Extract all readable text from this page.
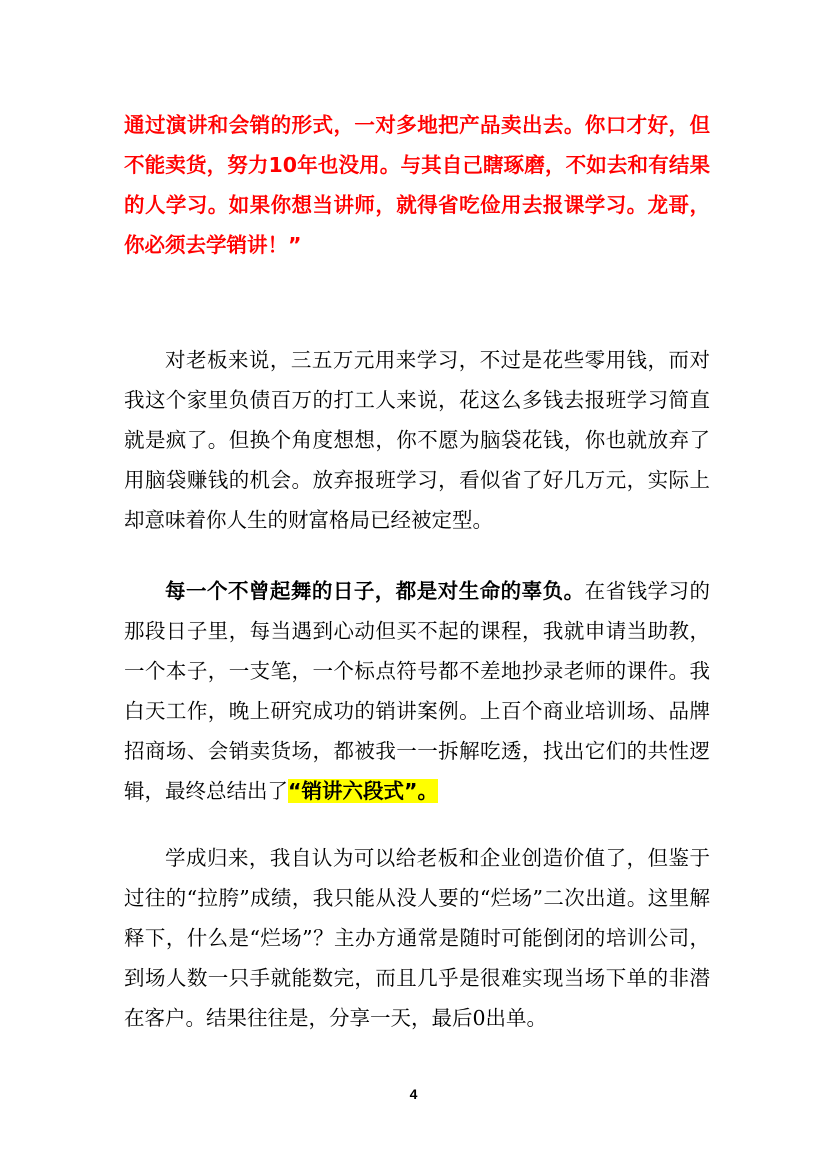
通过演讲和会销的形式，一对多地把产品卖出去。你口才好，但不能卖货，努力10年也没用。与其自己瞎琢磨，不如去和有结果的人学习。如果你想当讲师，就得省吃俭用去报课学习。龙哥，你必须去学销讲！”

对老板来说，三五万元用来学习，不过是花些零用钱，而对我这个家里负债百万的打工人来说，花这么多钱去报班学习简直就是疯了。但换个角度想想，你不愿为脑袋花钱，你也就放弃了用脑袋赚钱的机会。放弃报班学习，看似省了好几万元，实际上却意味着你人生的财富格局已经被定型。

每一个不曾起舞的日子，都是对生命的辜负。在省钱学习的那段日子里，每当遇到心动但买不起的课程，我就申请当助教，一个本子，一支笔，一个标点符号都不差地抄录老师的课件。我白天工作，晚上研究成功的销讲案例。上百个商业培训场、品牌招商场、会销卖货场，都被我一一拆解吃透，找出它们的共性逻辑，最终总结出了“销讲六段式”。

学成归来，我自认为可以给老板和企业创造价值了，但鉴于过往的“拉胯”成绩，我只能从没人要的“烂场”二次出道。这里解释下，什么是“烂场”？主办方通常是随时可能倒闭的培训公司，到场人数一只手就能数完，而且几乎是很难实现当场下单的非潜在客户。结果往往是，分享一天，最后0出单。

4
